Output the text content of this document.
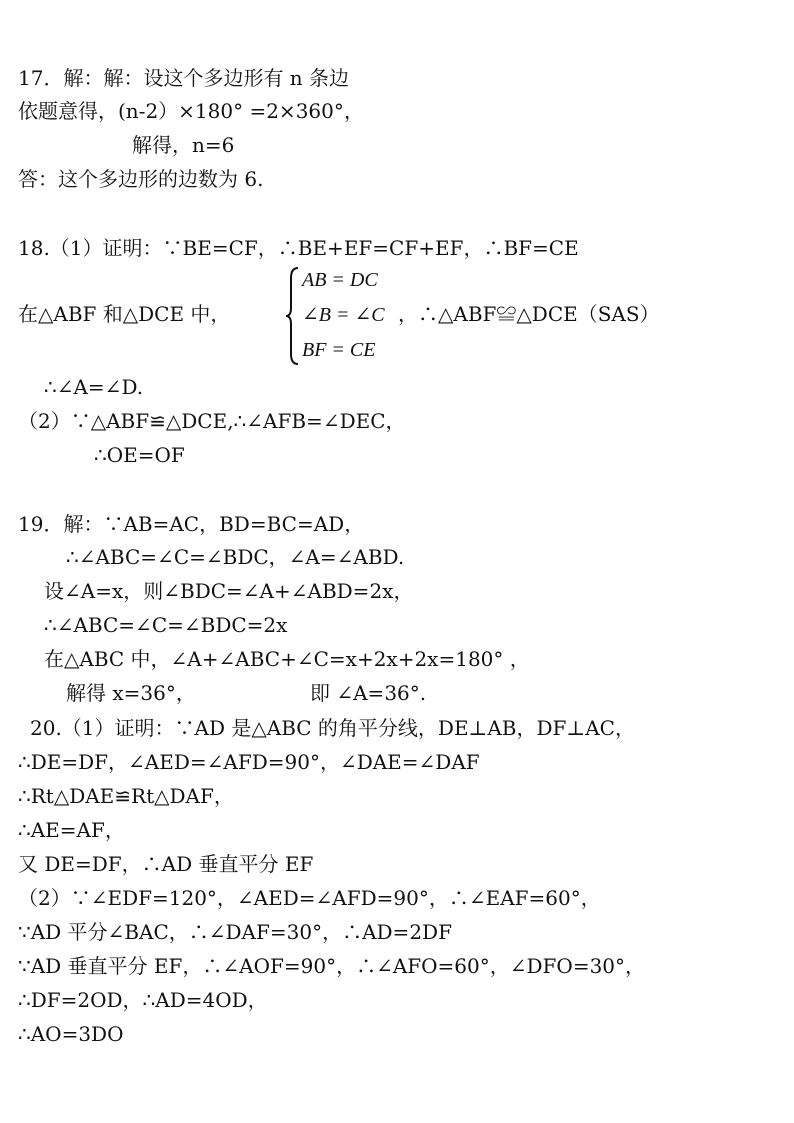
17．解：解：设这个多边形有 n 条边
依题意得，(n-2）×180° =2×360°，
解得，n=6
答：这个多边形的边数为 6.
18.（1）证明：∵BE=CF，∴BE+EF=CF+EF，∴BF=CE
在△ABF 和△DCE 中，
AB = DC
∠B = ∠C
BF = CE
，∴△ABF≌△DCE（SAS）
∴∠A=∠D.
（2）∵△ABF≌△DCE,∴∠AFB=∠DEC，
∴OE=OF
19．解：∵AB=AC，BD=BC=AD，
∴∠ABC=∠C=∠BDC，∠A=∠ABD.
设∠A=x，则∠BDC=∠A+∠ABD=2x，
∴∠ABC=∠C=∠BDC=2x
在△ABC 中，∠A+∠ABC+∠C=x+2x+2x=180° ，
解得 x=36°，	即 ∠A=36°.
20.（1）证明：∵AD 是△ABC 的角平分线，DE⊥AB，DF⊥AC，
∴DE=DF，∠AED=∠AFD=90°，∠DAE=∠DAF
∴Rt△DAE≌Rt△DAF，
∴AE=AF，
又 DE=DF，∴AD 垂直平分 EF
（2）∵∠EDF=120°，∠AED=∠AFD=90°，∴∠EAF=60°，
∵AD 平分∠BAC，∴∠DAF=30°，∴AD=2DF
∵AD 垂直平分 EF，∴∠AOF=90°，∴∠AFO=60°，∠DFO=30°，
∴DF=2OD，∴AD=4OD，
∴AO=3DO
